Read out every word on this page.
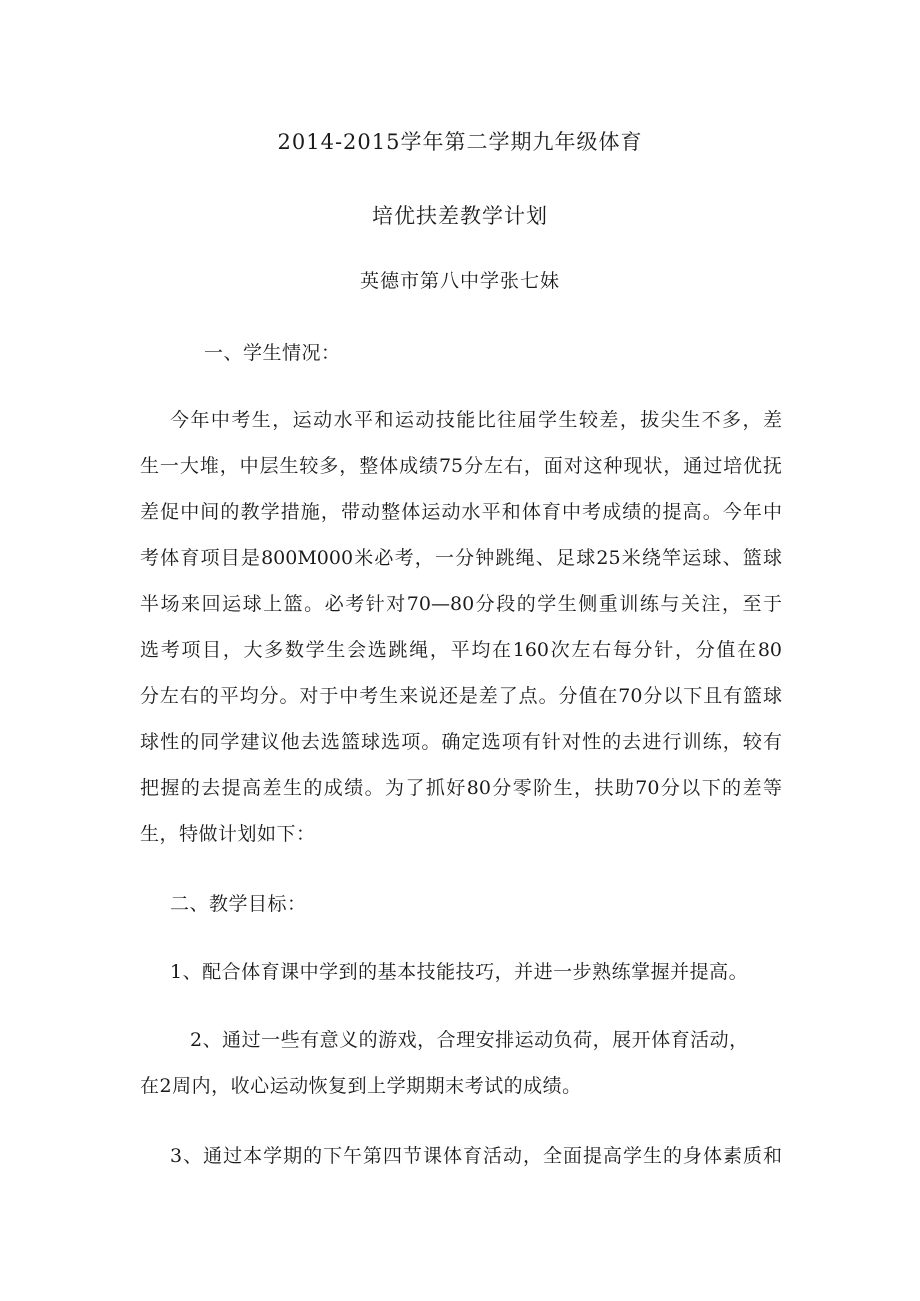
2014-2015学年第二学期九年级体育
培优扶差教学计划
英德市第八中学张七妹
一、学生情况：
今年中考生，运动水平和运动技能比往届学生较差，拔尖生不多，差
生一大堆，中层生较多，整体成绩75分左右，面对这种现状，通过培优抚
差促中间的教学措施，带动整体运动水平和体育中考成绩的提高。今年中
考体育项目是800M000米必考，一分钟跳绳、足球25米绕竿运球、篮球
半场来回运球上篮。必考针对70—80分段的学生侧重训练与关注，至于
选考项目，大多数学生会选跳绳，平均在160次左右每分针，分值在80
分左右的平均分。对于中考生来说还是差了点。分值在70分以下且有篮球
球性的同学建议他去选篮球选项。确定选项有针对性的去进行训练，较有
把握的去提高差生的成绩。为了抓好80分零阶生，扶助70分以下的差等
生，特做计划如下：
二、教学目标：
1、配合体育课中学到的基本技能技巧，并进一步熟练掌握并提高。
2、通过一些有意义的游戏，合理安排运动负荷，展开体育活动，
在2周内，收心运动恢复到上学期期末考试的成绩。
3、通过本学期的下午第四节课体育活动，全面提高学生的身体素质和
